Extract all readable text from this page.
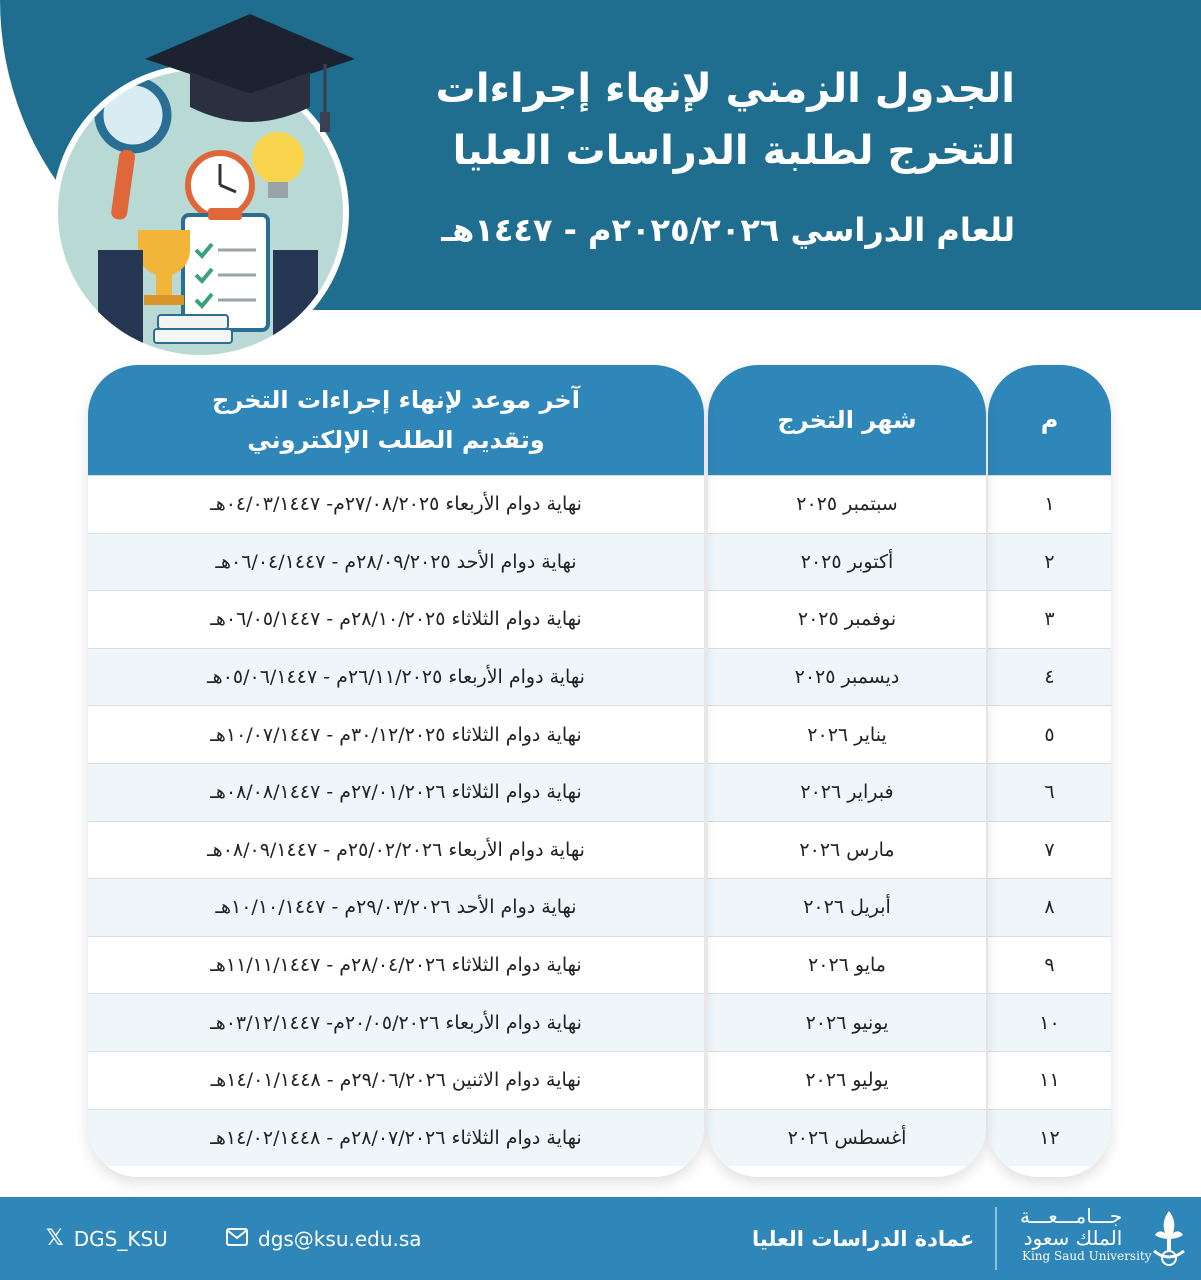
الجدول الزمني لإنهاء إجراءات
التخرج لطلبة الدراسات العليا
للعام الدراسي ٢٠٢٥/٢٠٢٦م - ١٤٤٧هـ
م
١
٢
٣
٤
٥
٦
٧
٨
٩
١٠
١١
١٢
شهر التخرج
سبتمبر ٢٠٢٥
أكتوبر ٢٠٢٥
نوفمبر ٢٠٢٥
ديسمبر ٢٠٢٥
يناير ٢٠٢٦
فبراير ٢٠٢٦
مارس ٢٠٢٦
أبريل ٢٠٢٦
مايو ٢٠٢٦
يونيو ٢٠٢٦
يوليو ٢٠٢٦
أغسطس ٢٠٢٦
آخر موعد لإنهاء إجراءات التخرج
وتقديم الطلب الإلكتروني
نهاية دوام الأربعاء ٢٧/٠٨/٢٠٢٥م- ٠٤/٠٣/١٤٤٧هـ
نهاية دوام الأحد ٢٨/٠٩/٢٠٢٥م - ٠٦/٠٤/١٤٤٧هـ
نهاية دوام الثلاثاء ٢٨/١٠/٢٠٢٥م - ٠٦/٠٥/١٤٤٧هـ
نهاية دوام الأربعاء ٢٦/١١/٢٠٢٥م - ٠٥/٠٦/١٤٤٧هـ
نهاية دوام الثلاثاء ٣٠/١٢/٢٠٢٥م - ١٠/٠٧/١٤٤٧هـ
نهاية دوام الثلاثاء ٢٧/٠١/٢٠٢٦م - ٠٨/٠٨/١٤٤٧هـ
نهاية دوام الأربعاء ٢٥/٠٢/٢٠٢٦م - ٠٨/٠٩/١٤٤٧هـ
نهاية دوام الأحد ٢٩/٠٣/٢٠٢٦م - ١٠/١٠/١٤٤٧هـ
نهاية دوام الثلاثاء ٢٨/٠٤/٢٠٢٦م - ١١/١١/١٤٤٧هـ
نهاية دوام الأربعاء ٢٠/٠٥/٢٠٢٦م- ٠٣/١٢/١٤٤٧هـ
نهاية دوام الاثنين ٢٩/٠٦/٢٠٢٦م - ١٤/٠١/١٤٤٨هـ
نهاية دوام الثلاثاء ٢٨/٠٧/٢٠٢٦م - ١٤/٠٢/١٤٤٨هـ
𝕏 DGS_KSU	dgs@ksu.edu.sa	عمادة الدراسات العليا
جـــامـــعـــة
الملك سعود
King Saud University
